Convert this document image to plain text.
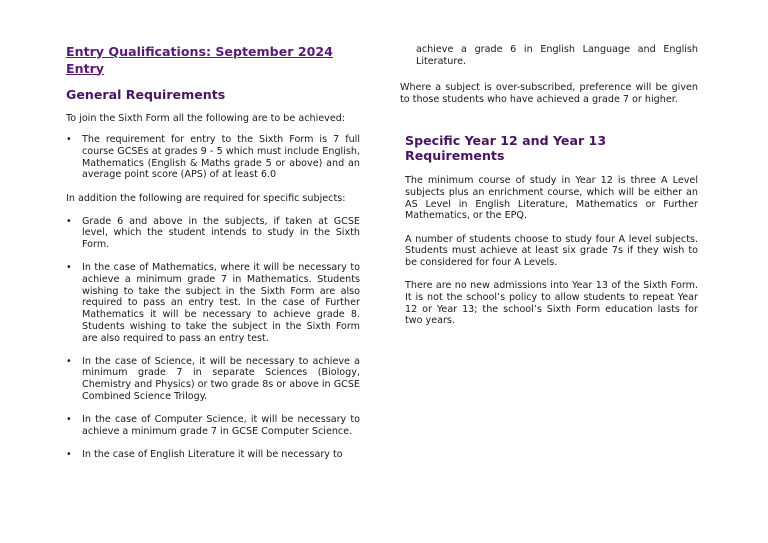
Entry Qualifications: September 2024 Entry
General Requirements

To join the Sixth Form all the following are to be achieved:

• The requirement for entry to the Sixth Form is 7 full course GCSEs at grades 9 - 5 which must include English, Mathematics (English & Maths grade 5 or above) and an average point score (APS) of at least 6.0

In addition the following are required for specific subjects:

• Grade 6 and above in the subjects, if taken at GCSE level, which the student intends to study in the Sixth Form.
• In the case of Mathematics, where it will be necessary to achieve a minimum grade 7 in Mathematics. Students wishing to take the subject in the Sixth Form are also required to pass an entry test. In the case of Further Mathematics it will be necessary to achieve grade 8. Students wishing to take the subject in the Sixth Form are also required to pass an entry test.
• In the case of Science, it will be necessary to achieve a minimum grade 7 in separate Sciences (Biology, Chemistry and Physics) or two grade 8s or above in GCSE Combined Science Trilogy.
• In the case of Computer Science, it will be necessary to achieve a minimum grade 7 in GCSE Computer Science.
• In the case of English Literature it will be necessary to

achieve a grade 6 in English Language and English Literature.

Where a subject is over-subscribed, preference will be given to those students who have achieved a grade 7 or higher.

Specific Year 12 and Year 13 Requirements

The minimum course of study in Year 12 is three A Level subjects plus an enrichment course, which will be either an AS Level in English Literature, Mathematics or Further Mathematics, or the EPQ.

A number of students choose to study four A level subjects. Students must achieve at least six grade 7s if they wish to be considered for four A Levels.

There are no new admissions into Year 13 of the Sixth Form. It is not the school’s policy to allow students to repeat Year 12 or Year 13; the school’s Sixth Form education lasts for two years.
